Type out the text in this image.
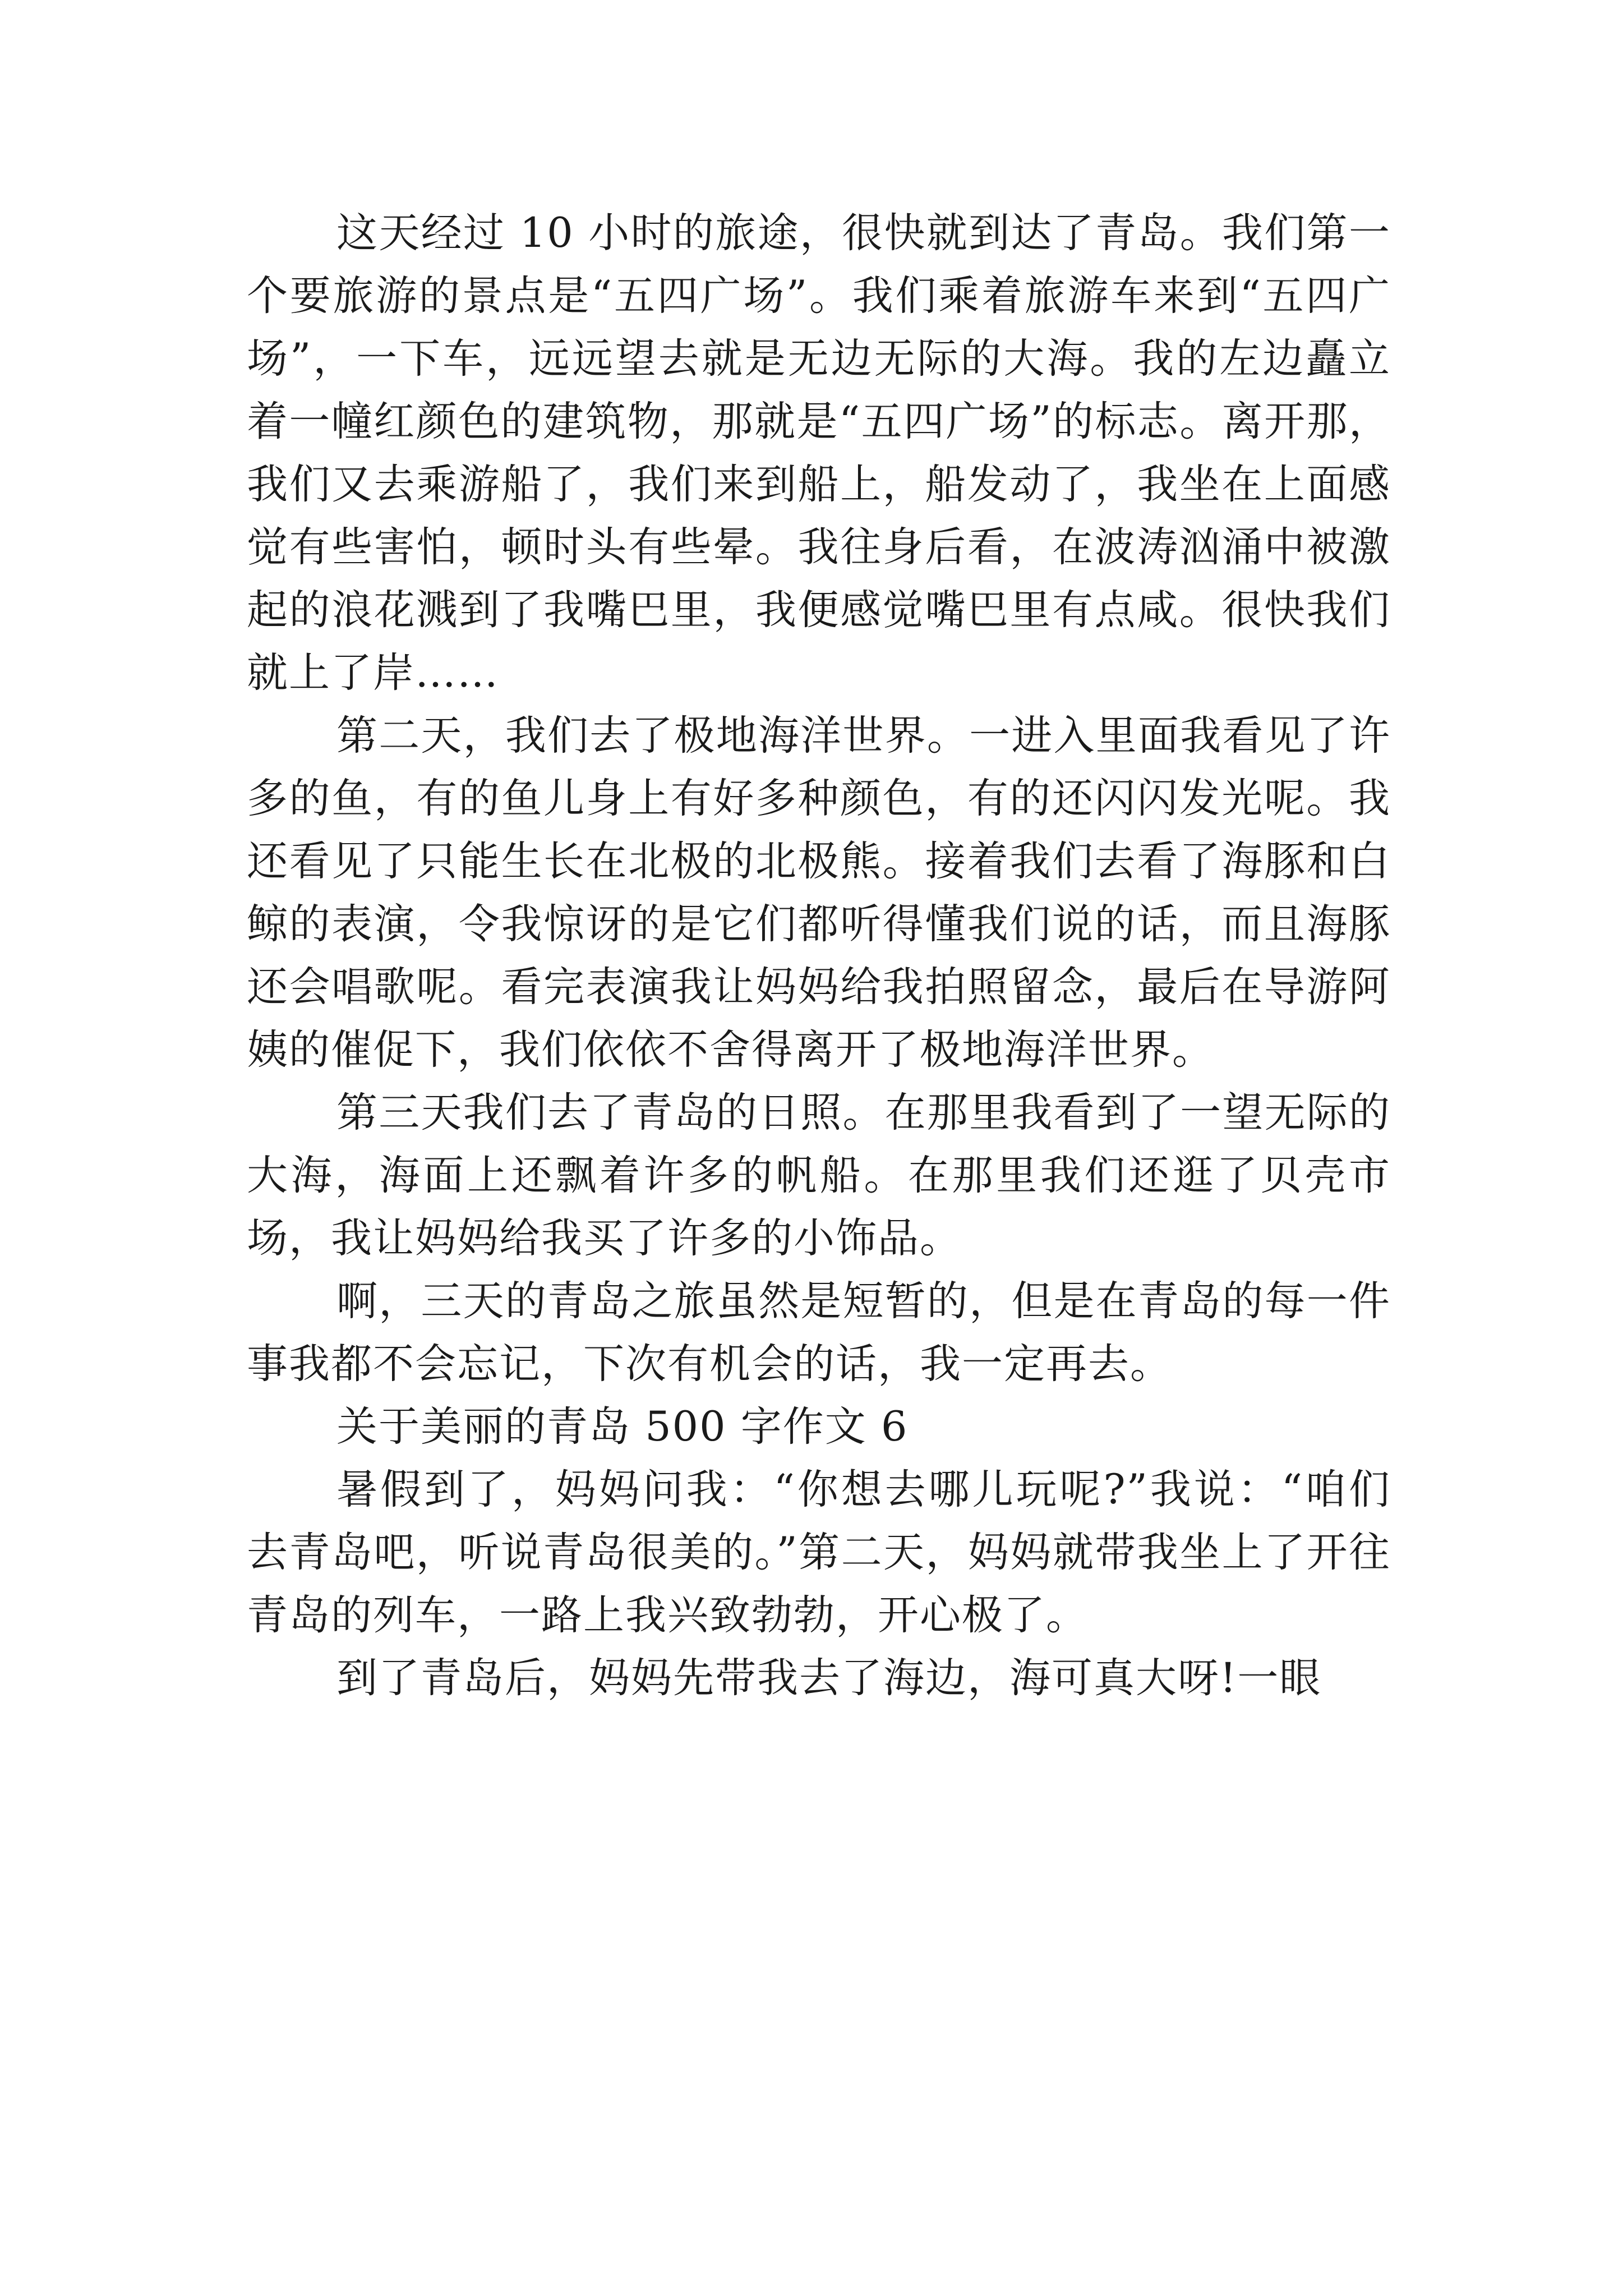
这天经过 10 小时的旅途，很快就到达了青岛。我们第一个要旅游的景点是“五四广场”。我们乘着旅游车来到“五四广场”，一下车，远远望去就是无边无际的大海。我的左边矗立着一幢红颜色的建筑物，那就是“五四广场”的标志。离开那，我们又去乘游船了，我们来到船上，船发动了，我坐在上面感觉有些害怕，顿时头有些晕。我往身后看，在波涛汹涌中被激起的浪花溅到了我嘴巴里，我便感觉嘴巴里有点咸。很快我们就上了岸……

第二天，我们去了极地海洋世界。一进入里面我看见了许多的鱼，有的鱼儿身上有好多种颜色，有的还闪闪发光呢。我还看见了只能生长在北极的北极熊。接着我们去看了海豚和白鲸的表演，令我惊讶的是它们都听得懂我们说的话，而且海豚还会唱歌呢。看完表演我让妈妈给我拍照留念，最后在导游阿姨的催促下，我们依依不舍得离开了极地海洋世界。

第三天我们去了青岛的日照。在那里我看到了一望无际的大海，海面上还飘着许多的帆船。在那里我们还逛了贝壳市场，我让妈妈给我买了许多的小饰品。

啊，三天的青岛之旅虽然是短暂的，但是在青岛的每一件事我都不会忘记，下次有机会的话，我一定再去。

关于美丽的青岛 500 字作文 6

暑假到了，妈妈问我：“你想去哪儿玩呢?”我说：“咱们去青岛吧，听说青岛很美的。”第二天，妈妈就带我坐上了开往青岛的列车，一路上我兴致勃勃，开心极了。

到了青岛后，妈妈先带我去了海边，海可真大呀!一眼
